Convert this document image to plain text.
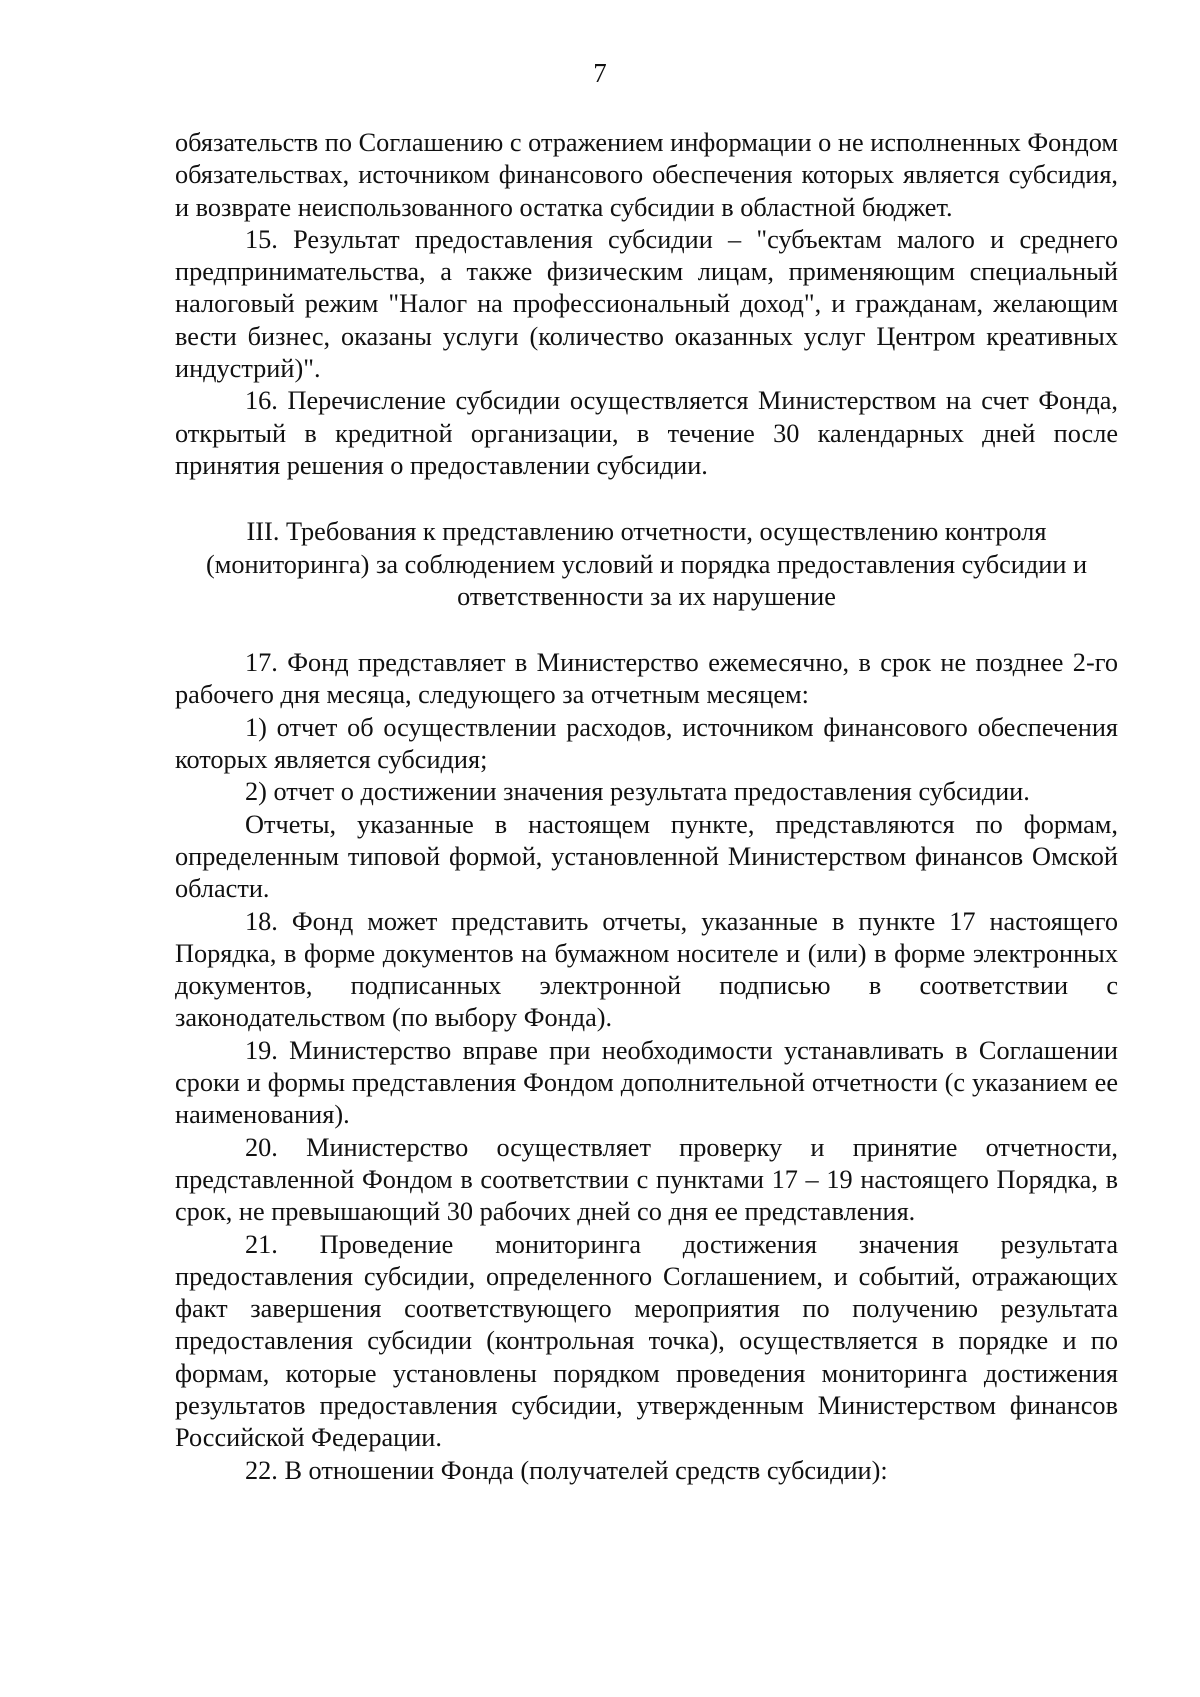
7

обязательств по Соглашению с отражением информации о не исполненных Фондом обязательствах, источником финансового обеспечения которых является субсидия, и возврате неиспользованного остатка субсидии в областной бюджет.

15. Результат предоставления субсидии – "субъектам малого и среднего предпринимательства, а также физическим лицам, применяющим специальный налоговый режим "Налог на профессиональный доход", и гражданам, желающим вести бизнес, оказаны услуги (количество оказанных услуг Центром креативных индустрий)".

16. Перечисление субсидии осуществляется Министерством на счет Фонда, открытый в кредитной организации, в течение 30 календарных дней после принятия решения о предоставлении субсидии.

III. Требования к представлению отчетности, осуществлению контроля (мониторинга) за соблюдением условий и порядка предоставления субсидии и ответственности за их нарушение

17. Фонд представляет в Министерство ежемесячно, в срок не позднее 2-го рабочего дня месяца, следующего за отчетным месяцем:

1) отчет об осуществлении расходов, источником финансового обеспечения которых является субсидия;

2) отчет о достижении значения результата предоставления субсидии.

Отчеты, указанные в настоящем пункте, представляются по формам, определенным типовой формой, установленной Министерством финансов Омской области.

18. Фонд может представить отчеты, указанные в пункте 17 настоящего Порядка, в форме документов на бумажном носителе и (или) в форме электронных документов, подписанных электронной подписью в соответствии с законодательством (по выбору Фонда).

19. Министерство вправе при необходимости устанавливать в Соглашении сроки и формы представления Фондом дополнительной отчетности (с указанием ее наименования).

20. Министерство осуществляет проверку и принятие отчетности, представленной Фондом в соответствии с пунктами 17 – 19 настоящего Порядка, в срок, не превышающий 30 рабочих дней со дня ее представления.

21. Проведение мониторинга достижения значения результата предоставления субсидии, определенного Соглашением, и событий, отражающих факт завершения соответствующего мероприятия по получению результата предоставления субсидии (контрольная точка), осуществляется в порядке и по формам, которые установлены порядком проведения мониторинга достижения результатов предоставления субсидии, утвержденным Министерством финансов Российской Федерации.

22. В отношении Фонда (получателей средств субсидии):
